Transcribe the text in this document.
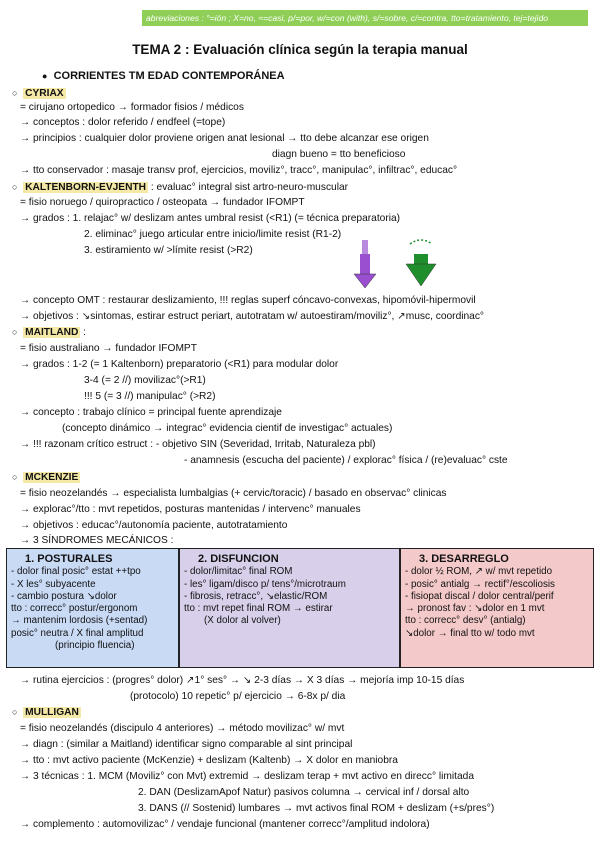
abreviaciones : °=ión ; X=no, ≈=casi, p/=por, w/=con (with), s/=sobre, c/=contra, tto=tratamiento, tej=tejido
TEMA 2 : Evaluación clínica según la terapia manual
● CORRIENTES TM EDAD CONTEMPORÁNEA
○ CYRIAX
= cirujano ortopedico → formador fisios / médicos
→ conceptos : dolor referido / endfeel (=tope)
→ principios : cualquier dolor proviene origen anat lesional → tto debe alcanzar ese origen
diagn bueno = tto beneficioso
→ tto conservador : masaje transv prof, ejercicios, moviliz°, tracc°, manipulac°, infiltrac°, educac°
○ KALTENBORN-EVJENTH : evaluac° integral sist artro-neuro-muscular
= fisio noruego / quiropractico / osteopata → fundador IFOMPT
→ grados : 1. relajac° w/ deslizam antes umbral resist (<R1) (= técnica preparatoria)
2. eliminac° juego articular entre inicio/limite resist (R1-2)
3. estiramiento w/ >límite resist (>R2)
→ concepto OMT : restaurar deslizamiento, !!! reglas superf cóncavo-convexas, hipomóvil-hipermovil
→ objetivos : ↘sintomas, estirar estruct periart, autotratam w/ autoestiram/moviliz°, ↗musc, coordinac°
○ MAITLAND :
= fisio australiano → fundador IFOMPT
→ grados : 1-2 (= 1 Kaltenborn) preparatorio (<R1) para modular dolor
3-4 (= 2 //) movilizac°(>R1)
!!! 5 (= 3 //) manipulac° (>R2)
→ concepto : trabajo clínico = principal fuente aprendizaje
(concepto dinámico → integrac° evidencia cientif de investigac° actuales)
→ !!! razonam crítico estruct : - objetivo SIN (Severidad, Irritab, Naturaleza pbl)
- anamnesis (escucha del paciente) / explorac° física / (re)evaluac° cste
○ MCKENZIE
= fisio neozelandés → especialista lumbalgias (+ cervic/toracic) / basado en observac° clinicas
→ explorac°/tto : mvt repetidos, posturas mantenidas / intervenc° manuales
→ objetivos : educac°/autonomía paciente, autotratamiento
→ 3 SÍNDROMES MECÁNICOS :
1. POSTURALES
- dolor final posic° estat ++tpo
- X les° subyacente
- cambio postura ↘dolor
tto : correcc° postur/ergonom
→ mantenim lordosis (+sentad)
posic° neutra / X final amplitud
(principio fluencia)
2. DISFUNCION
- dolor/limitac° final ROM
- les° ligam/disco p/ tens°/microtraum
- fibrosis, retracc°, ↘elastic/ROM
tto : mvt repet final ROM → estirar
(X dolor al volver)
3. DESARREGLO
- dolor ½ ROM, ↗ w/ mvt repetido
- posic° antialg → rectif°/escoliosis
- fisiopat discal / dolor central/perif
→ pronost fav : ↘dolor en 1 mvt
tto : correcc° desv° (antialg)
↘dolor → final tto w/ todo mvt
→ rutina ejercicios : (progres° dolor) ↗1° ses° → ↘ 2-3 días → X 3 días → mejoría imp 10-15 días
(protocolo) 10 repetic° p/ ejercicio → 6-8x p/ dia
○ MULLIGAN
= fisio neozelandés (discipulo 4 anteriores) → método movilizac° w/ mvt
→ diagn : (similar a Maitland) identificar signo comparable al sint principal
→ tto : mvt activo paciente (McKenzie) + deslizam (Kaltenb) → X dolor en maniobra
→ 3 técnicas : 1. MCM (Moviliz° con Mvt) extremid → deslizam terap + mvt activo en direcc° limitada
2. DAN (DeslizamApof Natur) pasivos columna → cervical inf / dorsal alto
3. DANS (// Sostenid) lumbares → mvt activos final ROM + deslizam (+s/pres°)
→ complemento : automovilizac° / vendaje funcional (mantener correcc°/amplitud indolora)
